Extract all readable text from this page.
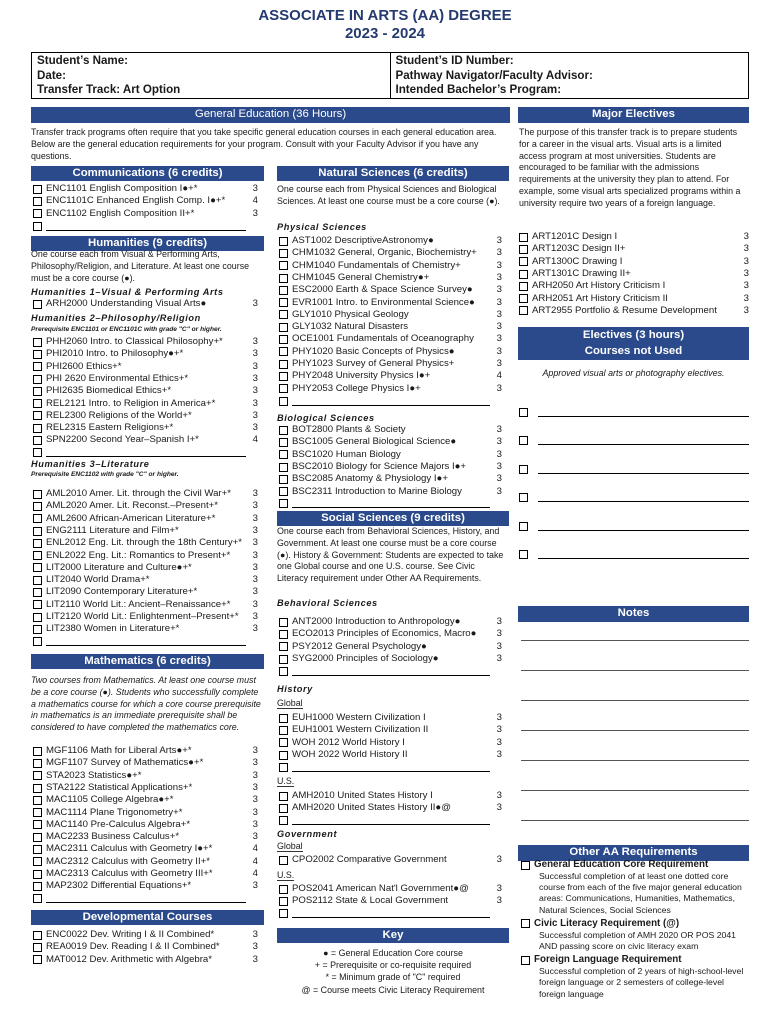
ASSOCIATE IN ARTS (AA) DEGREE
2023 - 2024
Student’s Name:
Date:
Transfer Track: Art Option
Student’s ID Number:
Pathway Navigator/Faculty Advisor:
Intended Bachelor’s Program:
General Education (36 Hours)
Transfer track programs often require that you take specific general education courses in each general education area. Below are the general education requirements for your program. Consult with your Faculty Advisor if you have any questions.
Communications (6 credits)
ENC1101 English Composition I●+*	3
ENC1101C Enhanced English Comp. I●+*	4
ENC1102 English Composition II+*	3
Humanities (9 credits)
One course each from Visual & Performing Arts, Philosophy/Religion, and Literature. At least one course must be a core course (●).
Humanities 1–Visual & Performing Arts
ARH2000 Understanding Visual Arts●	3
Humanities 2–Philosophy/Religion
Prerequisite ENC1101 or ENC1101C with grade "C" or higher.
PHH2060 Intro. to Classical Philosophy+*	3
PHI2010 Intro. to Philosophy●+*	3
PHI2600 Ethics+*	3
PHI 2620 Environmental Ethics+*	3
PHI2635 Biomedical Ethics+*	3
REL2121 Intro. to Religion in America+*	3
REL2300 Religions of the World+*	3
REL2315 Eastern Religions+*	3
SPN2200 Second Year–Spanish I+*	4
Humanities 3–Literature
Prerequisite ENC1102 with grade "C" or higher.
AML2010 Amer. Lit. through the Civil War+*	3
AML2020 Amer. Lit. Reconst.–Present+*	3
AML2600 African-American Literature+*	3
ENG2111 Literature and Film+*	3
ENL2012 Eng. Lit. through the 18th Century+*	3
ENL2022 Eng. Lit.: Romantics to Present+*	3
LIT2000 Literature and Culture●+*	3
LIT2040 World Drama+*	3
LIT2090 Contemporary Literature+*	3
LIT2110 World Lit.: Ancient–Renaissance+*	3
LIT2120 World Lit.: Enlightenment–Present+*	3
LIT2380 Women in Literature+*	3
Mathematics (6 credits)
Two courses from Mathematics. At least one course must be a core course (●). Students who successfully complete a mathematics course for which a core course prerequisite in mathematics is an immediate prerequisite shall be considered to have completed the mathematics core.
MGF1106 Math for Liberal Arts●+*	3
MGF1107 Survey of Mathematics●+*	3
STA2023 Statistics●+*	3
STA2122 Statistical Applications+*	3
MAC1105 College Algebra●+*	3
MAC1114 Plane Trigonometry+*	3
MAC1140 Pre-Calculus Algebra+*	3
MAC2233 Business Calculus+*	3
MAC2311 Calculus with Geometry I●+*	4
MAC2312 Calculus with Geometry II+*	4
MAC2313 Calculus with Geometry III+*	4
MAP2302 Differential Equations+*	3
Developmental Courses
ENC0022 Dev. Writing I & II Combined*	3
REA0019 Dev. Reading I & II Combined*	3
MAT0012 Dev. Arithmetic with Algebra*	3
Natural Sciences (6 credits)
One course each from Physical Sciences and Biological Sciences. At least one course must be a core course (●).
Physical Sciences
AST1002 DescriptiveAstronomy●	3
CHM1032 General, Organic, Biochemistry+	3
CHM1040 Fundamentals of Chemistry+	3
CHM1045 General Chemistry●+	3
ESC2000 Earth & Space Science Survey●	3
EVR1001 Intro. to Environmental Science●	3
GLY1010 Physical Geology	3
GLY1032 Natural Disasters	3
OCE1001 Fundamentals of Oceanography	3
PHY1020 Basic Concepts of Physics●	3
PHY1023 Survey of General Physics+	3
PHY2048 University Physics I●+	4
PHY2053 College Physics I●+	3
Biological Sciences
BOT2800 Plants & Society	3
BSC1005 General Biological Science●	3
BSC1020 Human Biology	3
BSC2010 Biology for Science Majors I●+	3
BSC2085 Anatomy & Physiology I●+	3
BSC2311 Introduction to Marine Biology	3
Social Sciences (9 credits)
One course each from Behavioral Sciences, History, and Government. At least one course must be a core course (●). History & Government: Students are expected to take one Global course and one U.S. course. See Civic Literacy requirement under Other AA Requirements.
Behavioral Sciences
ANT2000 Introduction to Anthropology●	3
ECO2013 Principles of Economics, Macro●	3
PSY2012 General Psychology●	3
SYG2000 Principles of Sociology●	3
History
Global
EUH1000 Western Civilization I	3
EUH1001 Western Civilization II	3
WOH 2012 World History I	3
WOH 2022 World History II	3
U.S.
AMH2010 United States History I	3
AMH2020 United States History II●@	3
Government
Global
CPO2002 Comparative Government	3
U.S.
POS2041 American Nat'l Government●@	3
POS2112 State & Local Government	3
Key
● = General Education Core course
+ = Prerequisite or co-requisite required
* = Minimum grade of "C" required
@ = Course meets Civic Literacy Requirement
Major Electives
The purpose of this transfer track is to prepare students for a career in the visual arts. Visual arts is a limited access program at most universities. Students are encouraged to be familiar with the admissions requirements at the university they plan to attend. For example, some visual arts specialized programs within a university require two years of a foreign language.
ART1201C Design I	3
ART1203C Design II+	3
ART1300C Drawing I	3
ART1301C Drawing II+	3
ARH2050 Art History Criticism I	3
ARH2051 Art History Criticism II	3
ART2955 Portfolio & Resume Development	3
Electives (3 hours)
Courses not Used
Approved visual arts or photography electives.
Notes
Other AA Requirements
General Education Core Requirement
Successful completion of at least one dotted core course from each of the five major general education areas: Communications, Humanities, Mathematics, Natural Sciences, Social Sciences
Civic Literacy Requirement (@)
Successful completion of AMH 2020 OR POS 2041 AND passing score on civic literacy exam
Foreign Language Requirement
Successful completion of 2 years of high-school-level foreign language or 2 semesters of college-level foreign language
